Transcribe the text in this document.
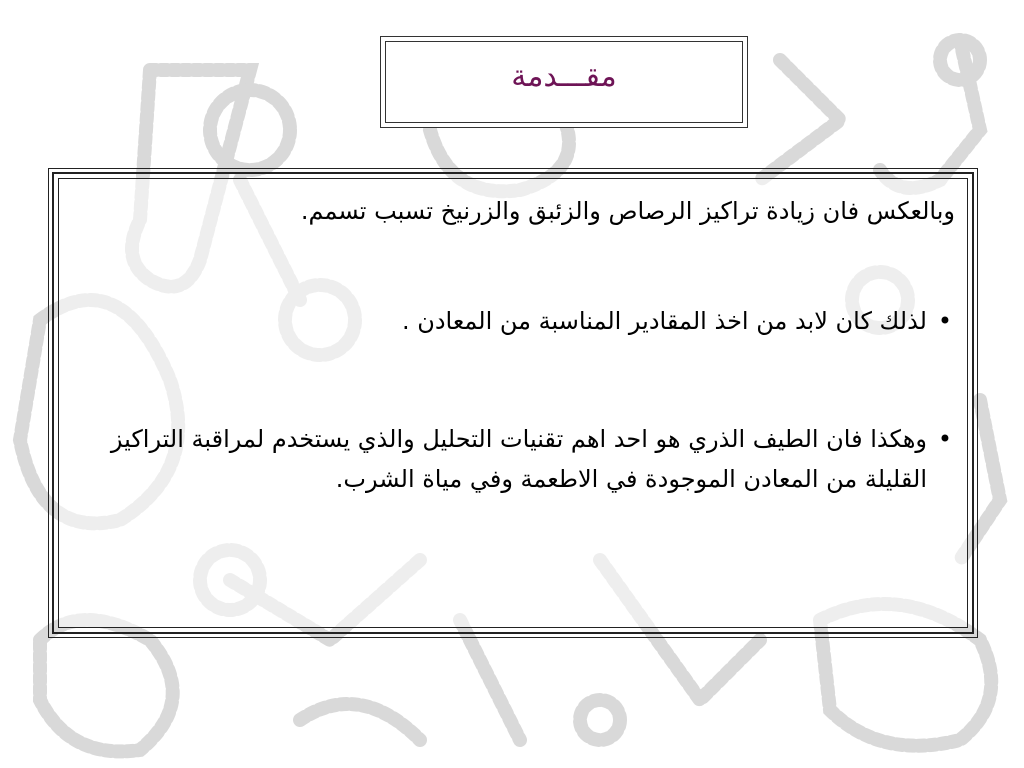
مقـــدمة
وبالعكس فان زيادة تراكيز الرصاص والزئبق والزرنيخ تسبب تسمم.
•
لذلك كان لابد من اخذ المقادير المناسبة من المعادن .
•
وهكذا فان الطيف الذري هو احد اهم تقنيات التحليل والذي يستخدم لمراقبة التراكيز القليلة من المعادن الموجودة في الاطعمة وفي مياة الشرب.
